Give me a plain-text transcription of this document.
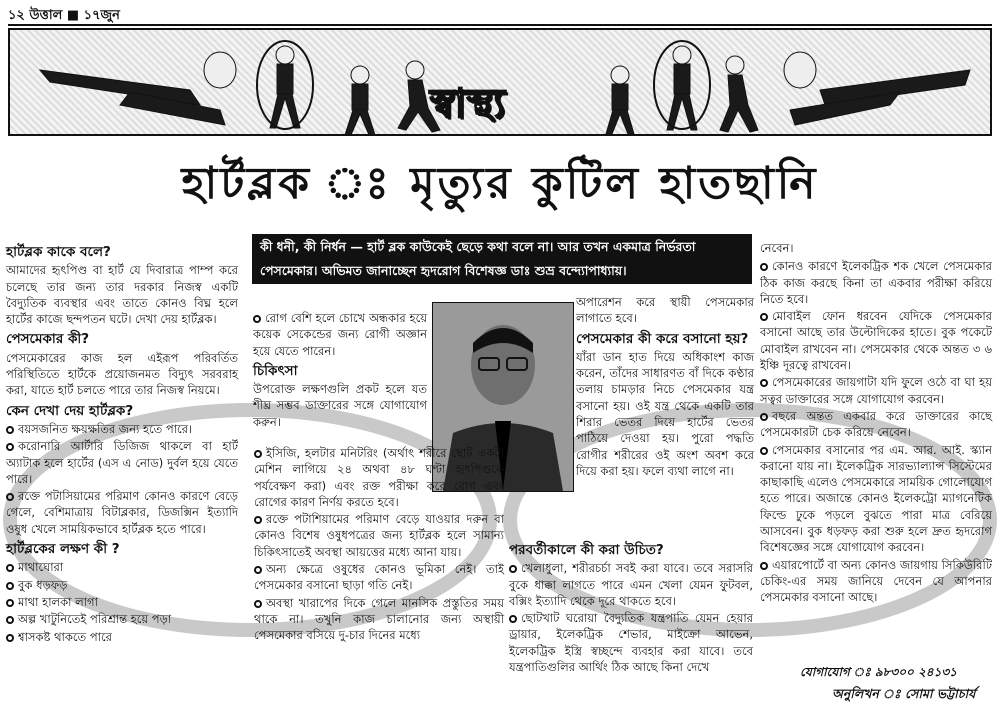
১২ উত্তাল ■ ১৭জুন
স্বাস্থ্য
হার্টব্লক ঃ মৃত্যুর কুটিল হাতছানি
কী ধনী, কী নির্ধন — হার্ট ব্লক কাউকেই ছেড়ে কথা বলে না। আর তখন একমাত্র নির্ভরতা পেসমেকার। অভিমত জানাচ্ছেন হৃদরোগ বিশেষজ্ঞ ডাঃ শুভ্র বন্দ্যোপাধ্যায়।
হার্টব্লক কাকে বলে?

আমাদের হৃৎপিণ্ড বা হার্ট যে দিবারাত্র পাম্প করে চলেছে তার জন্য তার দরকার নিজস্ব একটি বৈদ্যুতিক ব্যবস্থার এবং তাতে কোনও বিঘ্ন হলে হার্টের কাজে ছন্দপতন ঘটে। দেখা দেয় হার্টব্লক।

পেসমেকার কী?

পেসমেকারের কাজ হল এইরূপ পরিবর্তিত পরিস্থিতিতে হার্টকে প্রয়োজনমত বিদ্যুৎ সরবরাহ করা, যাতে হার্ট চলতে পারে তার নিজস্ব নিয়মে।

কেন দেখা দেয় হার্টব্লক?
বয়সজনিত ক্ষয়ক্ষতির জন্য হতে পারে।
করোনারি আর্টারি ডিজিজ থাকলে বা হার্ট অ্যাটাক হলে হার্টের (এস এ নোড) দুর্বল হয়ে যেতে পারে।
রক্তে পটাসিয়ামের পরিমাণ কোনও কারণে বেড়ে গেলে, বেশিমাত্রায় বিটাব্লকার, ডিজক্সিন ইত্যাদি ওষুধ খেলে সাময়িকভাবে হার্টব্লক হতে পারে।
হার্টব্লকের লক্ষণ কী ?
মাথাঘোরা
বুক ধড়ফড়
মাথা হালকা লাগা
অল্প খাটুনিতেই পরিশ্রান্ত হয়ে পড়া
শ্বাসকষ্ট থাকতে পারে

রোগ বেশি হলে চোখে অন্ধকার হয়ে কয়েক সেকেন্ডের জন্য রোগী অজ্ঞান হয়ে যেতে পারেন।

চিকিৎসা

উপরোক্ত লক্ষণগুলি প্রকট হলে যত শীঘ্র সম্ভব ডাক্তারের সঙ্গে যোগাযোগ করুন।

ইসিজি, হলটার মনিটরিং (অর্থাৎ শরীরে ছোট একটা মেশিন লাগিয়ে ২৪ অথবা ৪৮ ঘণ্টা হৃৎপিণ্ডকে পর্যবেক্ষণ করা) এবং রক্ত পরীক্ষা করে রোগ এবং রোগের কারণ নির্ণয় করতে হবে।
রক্তে পটাশিয়ামের পরিমাণ বেড়ে যাওয়ার দরুন বা কোনও বিশেষ ওষুধপত্রের জন্য হার্টব্লক হলে সামান্য চিকিৎসাতেই অবস্থা আয়ত্তের মধ্যে আনা যায়।
অন্য ক্ষেত্রে ওষুধের কোনও ভূমিকা নেই। তাই পেসমেকার বসানো ছাড়া গতি নেই।
অবস্থা খারাপের দিকে গেলে মানসিক প্রস্তুতির সময় থাকে না। তখুনি কাজ চালানোর জন্য অস্থায়ী পেসমেকার বসিয়ে দু-চার দিনের মধ্যে

অপারেশন করে স্থায়ী পেসমেকার লাগাতে হবে।

পেসমেকার কী করে বসানো হয়?

যাঁরা ডান হাত দিয়ে অধিকাংশ কাজ করেন, তাঁদের সাধারণত বাঁ দিকে কণ্ঠার তলায় চামড়ার নিচে পেসমেকার যন্ত্র বসানো হয়। ওই যন্ত্র থেকে একটি তার শিরার ভেতর দিয়ে হার্টের ভেতর পাঠিয়ে দেওয়া হয়। পুরো পদ্ধতি রোগীর শরীরের ওই অংশ অবশ করে দিয়ে করা হয়। ফলে ব্যথা লাগে না।

পরবর্তীকালে কী করা উচিত?
খেলাধুলা, শরীরচর্চা সবই করা যাবে। তবে সরাসরি বুকে ধাক্কা লাগতে পারে এমন খেলা যেমন ফুটবল, বক্সিং ইত্যাদি থেকে দূরে থাকতে হবে।
ছোটখাট ঘরোয়া বৈদ্যুতিক যন্ত্রপাতি যেমন হেয়ার ড্রায়ার, ইলেকট্রিক শেভার, মাইক্রো আভেন, ইলেকট্রিক ইস্ত্রি স্বচ্ছন্দে ব্যবহার করা যাবে। তবে যন্ত্রপাতিগুলির আর্থিং ঠিক আছে কিনা দেখে

নেবেন।

কোনও কারণে ইলেকট্রিক শক খেলে পেসমেকার ঠিক কাজ করছে কিনা তা একবার পরীক্ষা করিয়ে নিতে হবে।
মোবাইল ফোন ধরবেন যেদিকে পেসমেকার বসানো আছে তার উল্টোদিকের হাতে। বুক পকেটে মোবাইল রাখবেন না। পেসমেকার থেকে অন্তত ৩ ৬ ইঞ্চি দূরত্বে রাখবেন।
পেসমেকারের জায়গাটা যদি ফুলে ওঠে বা ঘা হয় সত্বর ডাক্তারের সঙ্গে যোগাযোগ করবেন।
বছরে অন্তত একবার করে ডাক্তারের কাছে পেসমেকারটা চেক করিয়ে নেবেন।
পেসমেকার বসানোর পর এম. আর. আই. স্ক্যান করানো যায় না। ইলেকট্রিক সারভ্যাল্যান্স সিস্টেমের কাছাকাছি এলেও পেসমেকারে সাময়িক গোলোযোগ হতে পারে। অজান্তে কোনও ইলেকট্রো ম্যাগনেটিক ফিল্ডে ঢুকে পড়লে বুঝতে পারা মাত্র বেরিয়ে আসবেন। বুক ধড়ফড় করা শুরু হলে দ্রুত হৃদরোগ বিশেষজ্ঞের সঙ্গে যোগাযোগ করবেন।
এয়ারপোর্টে বা অন্য কোনও জায়গায় সিকিউরিটি চেকিং-এর সময় জানিয়ে দেবেন যে আপনার পেসমেকার বসানো আছে।
যোগাযোগ ঃ ৯৮৩০০ ২৪১৩১
অনুলিখন ঃ সোমা ভট্টাচার্য
